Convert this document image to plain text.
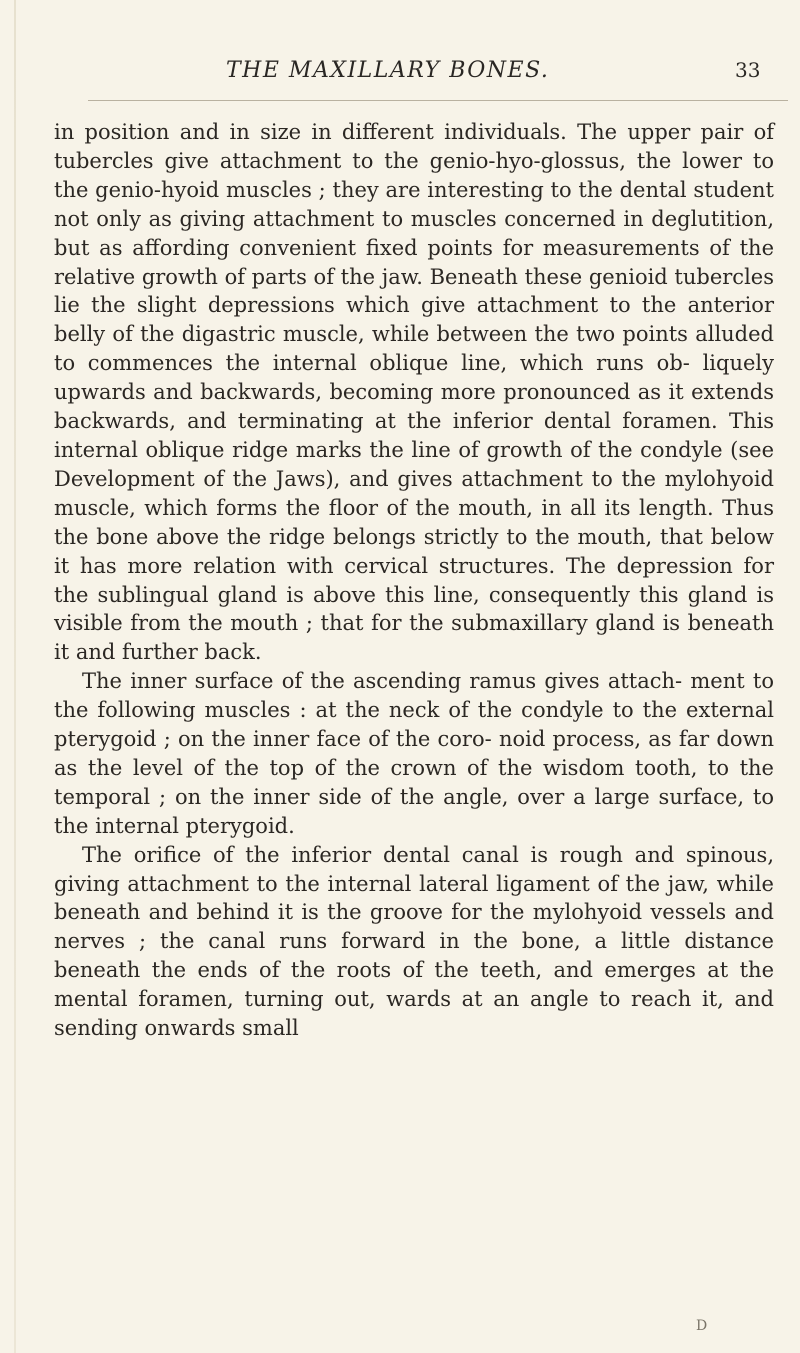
THE MAXILLARY BONES.	33

in position and in size in different individuals. The upper pair of tubercles give attachment to the genio-hyo-glossus, the lower to the genio-hyoid muscles ; they are interesting to the dental student not only as giving attachment to muscles concerned in deglutition, but as affording convenient fixed points for measurements of the relative growth of parts of the jaw. Beneath these genioid tubercles lie the slight depressions which give attachment to the anterior belly of the digastric muscle, while between the two points alluded to commences the internal oblique line, which runs ob- liquely upwards and backwards, becoming more pronounced as it extends backwards, and terminating at the inferior dental foramen. This internal oblique ridge marks the line of growth of the condyle (see Development of the Jaws), and gives attachment to the mylohyoid muscle, which forms the floor of the mouth, in all its length. Thus the bone above the ridge belongs strictly to the mouth, that below it has more relation with cervical structures. The depression for the sublingual gland is above this line, consequently this gland is visible from the mouth ; that for the submaxillary gland is beneath it and further back.

The inner surface of the ascending ramus gives attach- ment to the following muscles : at the neck of the condyle to the external pterygoid ; on the inner face of the coro- noid process, as far down as the level of the top of the crown of the wisdom tooth, to the temporal ; on the inner side of the angle, over a large surface, to the internal pterygoid.

The orifice of the inferior dental canal is rough and spinous, giving attachment to the internal lateral ligament of the jaw, while beneath and behind it is the groove for the mylohyoid vessels and nerves ; the canal runs forward in the bone, a little distance beneath the ends of the roots of the teeth, and emerges at the mental foramen, turning out, wards at an angle to reach it, and sending onwards small

D
